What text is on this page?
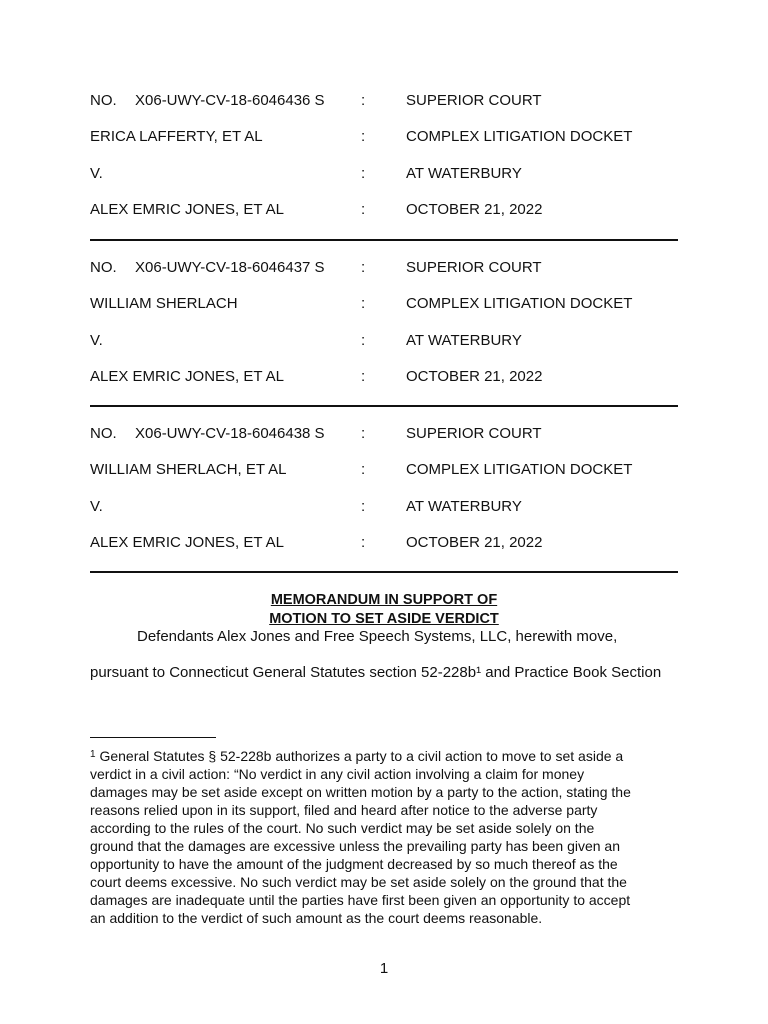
NO. X06-UWY-CV-18-6046436 S :	SUPERIOR COURT
ERICA LAFFERTY, ET AL	:	COMPLEX LITIGATION DOCKET
V.	:	AT WATERBURY
ALEX EMRIC JONES, ET AL	:	OCTOBER 21, 2022
NO. X06-UWY-CV-18-6046437 S :	SUPERIOR COURT
WILLIAM SHERLACH	:	COMPLEX LITIGATION DOCKET
V.	:	AT WATERBURY
ALEX EMRIC JONES, ET AL	:	OCTOBER 21, 2022
NO. X06-UWY-CV-18-6046438 S :	SUPERIOR COURT
WILLIAM SHERLACH, ET AL	:	COMPLEX LITIGATION DOCKET
V.	:	AT WATERBURY
ALEX EMRIC JONES, ET AL	:	OCTOBER 21, 2022
MEMORANDUM IN SUPPORT OF
MOTION TO SET ASIDE VERDICT
Defendants Alex Jones and Free Speech Systems, LLC, herewith move,
pursuant to Connecticut General Statutes section 52-228b¹ and Practice Book Section
$^1$ General Statutes § 52-228b authorizes a party to a civil action to move to set aside a
verdict in a civil action: “No verdict in any civil action involving a claim for money
damages may be set aside except on written motion by a party to the action, stating the
reasons relied upon in its support, filed and heard after notice to the adverse party
according to the rules of the court. No such verdict may be set aside solely on the
ground that the damages are excessive unless the prevailing party has been given an
opportunity to have the amount of the judgment decreased by so much thereof as the
court deems excessive. No such verdict may be set aside solely on the ground that the
damages are inadequate until the parties have first been given an opportunity to accept
an addition to the verdict of such amount as the court deems reasonable.
1
